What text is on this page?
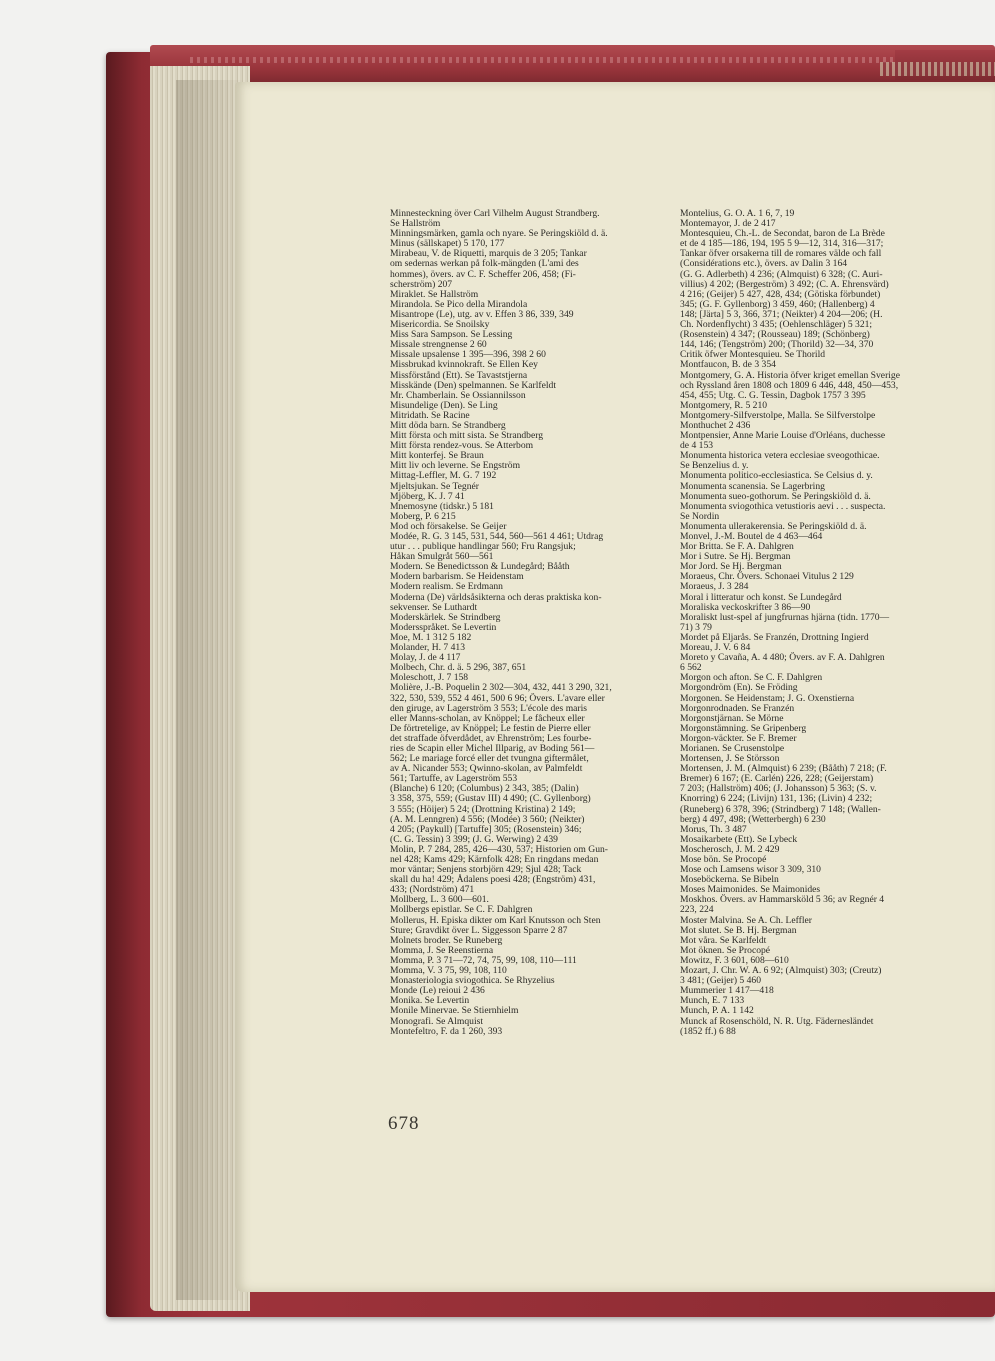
Minnesteckning över Carl Vilhelm August Strandberg.
Se Hallström
Minningsmärken, gamla och nyare. Se Peringskiöld d. ä.
Minus (sällskapet) 5 170, 177
Mirabeau, V. de Riquetti, marquis de 3 205; Tankar
om sedernas werkan på folk-mängden (L'ami des
hommes), övers. av C. F. Scheffer 206, 458; (Fi-
scherström) 207
Miraklet. Se Hallström
Mirandola. Se Pico della Mirandola
Misantrope (Le), utg. av v. Effen 3 86, 339, 349
Misericordia. Se Snoilsky
Miss Sara Sampson. Se Lessing
Missale strengnense 2 60
Missale upsalense 1 395—396, 398 2 60
Missbrukad kvinnokraft. Se Ellen Key
Missförstånd (Ett). Se Tavaststjerna
Misskände (Den) spelmannen. Se Karlfeldt
Mr. Chamberlain. Se Ossiannilsson
Misundelige (Den). Se Ling
Mitridath. Se Racine
Mitt döda barn. Se Strandberg
Mitt första och mitt sista. Se Strandberg
Mitt första rendez-vous. Se Atterbom
Mitt konterfej. Se Braun
Mitt liv och leverne. Se Engström
Mittag-Leffler, M. G. 7 192
Mjeltsjukan. Se Tegnér
Mjöberg, K. J. 7 41
Mnemosyne (tidskr.) 5 181
Moberg, P. 6 215
Mod och försakelse. Se Geijer
Modée, R. G. 3 145, 531, 544, 560—561 4 461; Utdrag
utur . . . publique handlingar 560; Fru Rangsjuk;
Håkan Smulgråt 560—561
Modern. Se Benedictsson & Lundegård; Bååth
Modern barbarism. Se Heidenstam
Modern realism. Se Erdmann
Moderna (De) världsåsikterna och deras praktiska kon-
sekvenser. Se Luthardt
Moderskärlek. Se Strindberg
Modersspråket. Se Levertin
Moe, M. 1 312 5 182
Molander, H. 7 413
Molay, J. de 4 117
Molbech, Chr. d. ä. 5 296, 387, 651
Moleschott, J. 7 158
Molière, J.-B. Poquelin 2 302—304, 432, 441 3 290, 321,
322, 530, 539, 552 4 461, 500 6 96; Övers. L'avare eller
den giruge, av Lagerström 3 553; L'école des maris
eller Manns-scholan, av Knöppel; Le fâcheux eller
De förtretelige, av Knöppel; Le festin de Pierre eller
det straffade öfverdådet, av Ehrenström; Les fourbe-
ries de Scapin eller Michel Illparig, av Boding 561—
562; Le mariage forcé eller det tvungna giftermålet,
av A. Nicander 553; Qwinno-skolan, av Palmfeldt
561; Tartuffe, av Lagerström 553
(Blanche) 6 120; (Columbus) 2 343, 385; (Dalin)
3 358, 375, 559; (Gustav III) 4 490; (C. Gyllenborg)
3 555; (Höijer) 5 24; (Drottning Kristina) 2 149;
(A. M. Lenngren) 4 556; (Modée) 3 560; (Neikter)
4 205; (Paykull) [Tartuffe] 305; (Rosenstein) 346;
(C. G. Tessin) 3 399; (J. G. Werwing) 2 439
Molin, P. 7 284, 285, 426—430, 537; Historien om Gun-
nel 428; Kams 429; Kärnfolk 428; En ringdans medan
mor väntar; Senjens storbjörn 429; Sjul 428; Tack
skall du ha! 429; Ådalens poesi 428; (Engström) 431,
433; (Nordström) 471
Mollberg, L. 3 600—601.
Mollbergs epistlar. Se C. F. Dahlgren
Mollerus, H. Episka dikter om Karl Knutsson och Sten
Sture; Gravdikt över L. Siggesson Sparre 2 87
Molnets broder. Se Runeberg
Momma, J. Se Reenstierna
Momma, P. 3 71—72, 74, 75, 99, 108, 110—111
Momma, V. 3 75, 99, 108, 110
Monasteriologia sviogothica. Se Rhyzelius
Monde (Le) reioui 2 436
Monika. Se Levertin
Monile Minervae. Se Stiernhielm
Monografi. Se Almquist
Montefeltro, F. da 1 260, 393
Montelius, G. O. A. 1 6, 7, 19
Montemayor, J. de 2 417
Montesquieu, Ch.-L. de Secondat, baron de La Brède
et de 4 185—186, 194, 195 5 9—12, 314, 316—317;
Tankar öfver orsakerna till de romares välde och fall
(Considérations etc.), övers. av Dalin 3 164
(G. G. Adlerbeth) 4 236; (Almquist) 6 328; (C. Auri-
villius) 4 202; (Bergeström) 3 492; (C. A. Ehrensvärd)
4 216; (Geijer) 5 427, 428, 434; (Götiska förbundet)
345; (G. F. Gyllenborg) 3 459, 460; (Hallenberg) 4
148; [Järta] 5 3, 366, 371; (Neikter) 4 204—206; (H.
Ch. Nordenflycht) 3 435; (Oehlenschläger) 5 321;
(Rosenstein) 4 347; (Rousseau) 189; (Schönberg)
144, 146; (Tengström) 200; (Thorild) 32—34, 370
Critik öfwer Montesquieu. Se Thorild
Montfaucon, B. de 3 354
Montgomery, G. A. Historia öfver kriget emellan Sverige
och Ryssland åren 1808 och 1809 6 446, 448, 450—453,
454, 455; Utg. C. G. Tessin, Dagbok 1757 3 395
Montgomery, R. 5 210
Montgomery-Silfverstolpe, Malla. Se Silfverstolpe
Monthuchet 2 436
Montpensier, Anne Marie Louise d'Orléans, duchesse
de 4 153
Monumenta historica vetera ecclesiae sveogothicae.
Se Benzelius d. y.
Monumenta politico-ecclesiastica. Se Celsius d. y.
Monumenta scanensia. Se Lagerbring
Monumenta sueo-gothorum. Se Peringskiöld d. ä.
Monumenta sviogothica vetustioris aevi . . . suspecta.
Se Nordin
Monumenta ullerakerensia. Se Peringskiöld d. ä.
Monvel, J.-M. Boutel de 4 463—464
Mor Britta. Se F. A. Dahlgren
Mor i Sutre. Se Hj. Bergman
Mor Jord. Se Hj. Bergman
Moraeus, Chr. Övers. Schonaei Vitulus 2 129
Moraeus, J. 3 284
Moral i litteratur och konst. Se Lundegård
Moraliska veckoskrifter 3 86—90
Moraliskt lust-spel af jungfrurnas hjärna (tidn. 1770—
71) 3 79
Mordet på Eljarås. Se Franzén, Drottning Ingierd
Moreau, J. V. 6 84
Moreto y Cavaña, A. 4 480; Övers. av F. A. Dahlgren
6 562
Morgon och afton. Se C. F. Dahlgren
Morgondröm (En). Se Fröding
Morgonen. Se Heidenstam; J. G. Oxenstierna
Morgonrodnaden. Se Franzén
Morgonstjärnan. Se Mörne
Morgonstämning. Se Gripenberg
Morgon-väckter. Se F. Bremer
Morianen. Se Crusenstolpe
Mortensen, J. Se Störsson
Mortensen, J. M. (Almquist) 6 239; (Bååth) 7 218; (F.
Bremer) 6 167; (E. Carlén) 226, 228; (Geijerstam)
7 203; (Hallström) 406; (J. Johansson) 5 363; (S. v.
Knorring) 6 224; (Livijn) 131, 136; (Livin) 4 232;
(Runeberg) 6 378, 396; (Strindberg) 7 148; (Wallen-
berg) 4 497, 498; (Wetterbergh) 6 230
Morus, Th. 3 487
Mosaikarbete (Ett). Se Lybeck
Moscherosch, J. M. 2 429
Mose bön. Se Procopé
Mose och Lamsens wisor 3 309, 310
Moseböckerna. Se Bibeln
Moses Maimonides. Se Maimonides
Moskhos. Övers. av Hammarsköld 5 36; av Regnér 4
223, 224
Moster Malvina. Se A. Ch. Leffler
Mot slutet. Se B. Hj. Bergman
Mot våra. Se Karlfeldt
Mot öknen. Se Procopé
Mowitz, F. 3 601, 608—610
Mozart, J. Chr. W. A. 6 92; (Almquist) 303; (Creutz)
3 481; (Geijer) 5 460
Mummerier 1 417—418
Munch, E. 7 133
Munch, P. A. 1 142
Munck af Rosenschöld, N. R. Utg. Fädernesländet
(1852 ff.) 6 88
678
